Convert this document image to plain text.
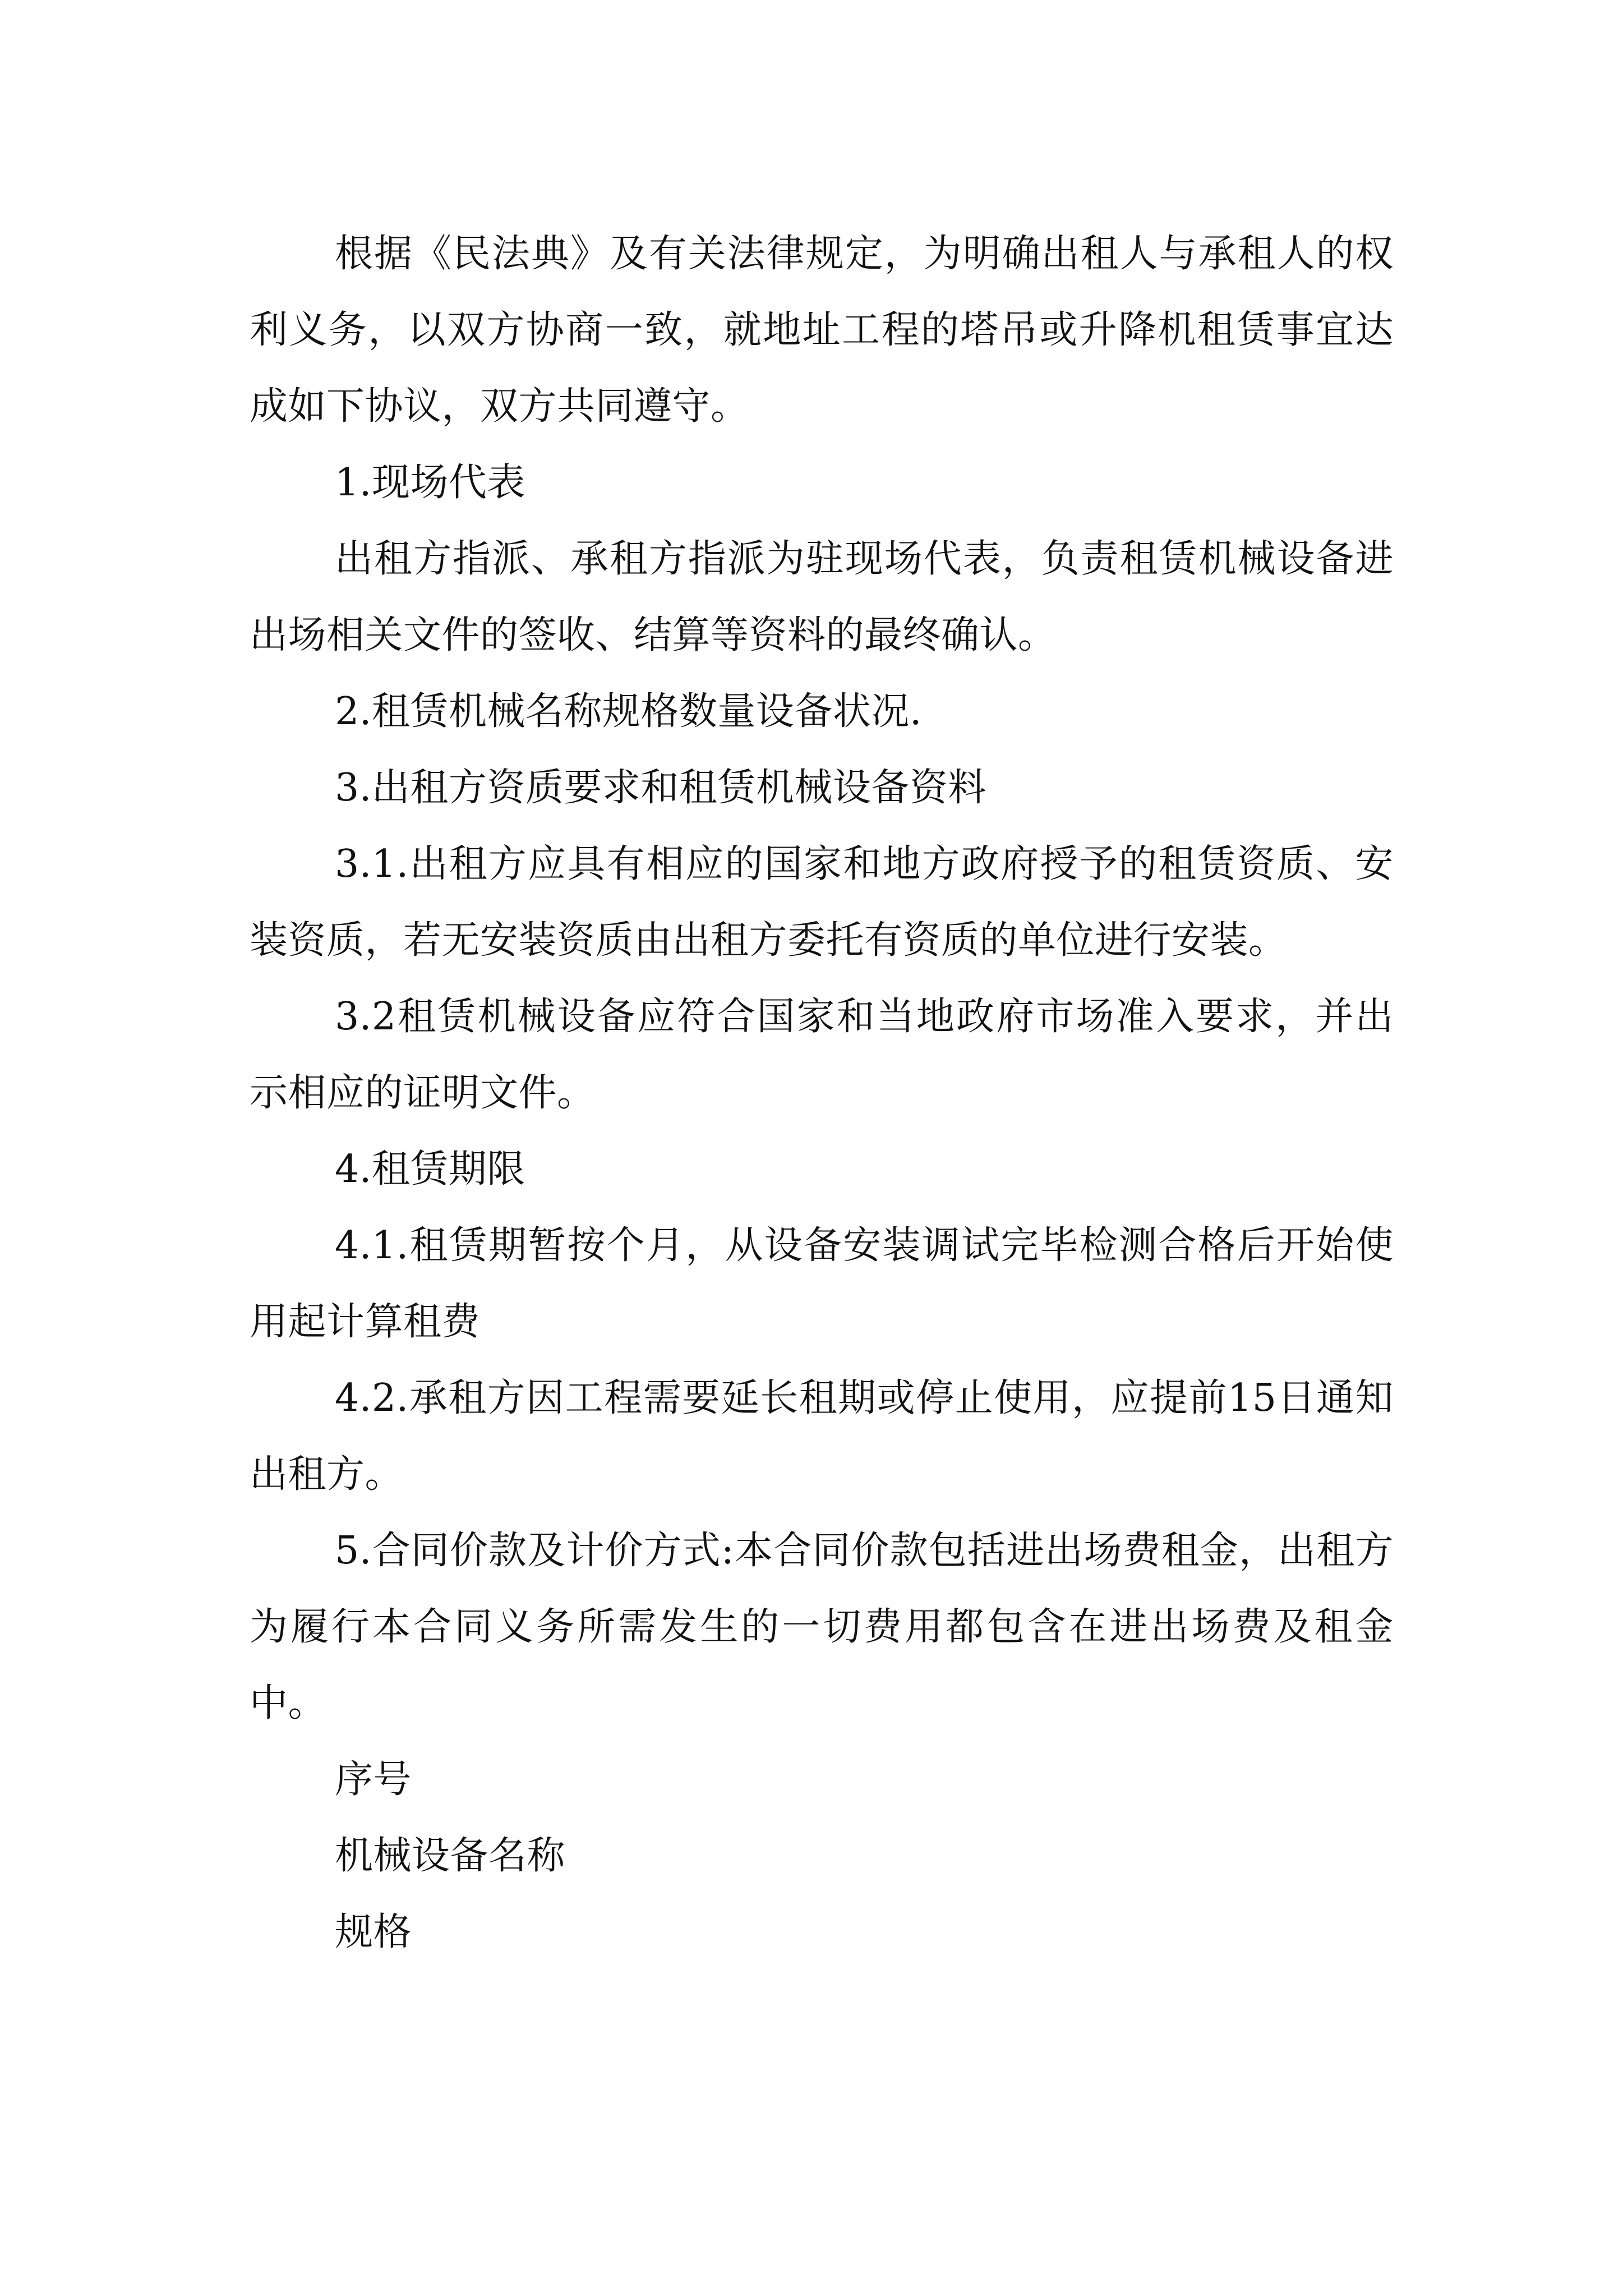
根据《民法典》及有关法律规定，为明确出租人与承租人的权利义务，以双方协商一致，就地址工程的塔吊或升降机租赁事宜达成如下协议，双方共同遵守。

1.现场代表

出租方指派、承租方指派为驻现场代表，负责租赁机械设备进出场相关文件的签收、结算等资料的最终确认。

2.租赁机械名称规格数量设备状况.

3.出租方资质要求和租赁机械设备资料

3.1.出租方应具有相应的国家和地方政府授予的租赁资质、安装资质，若无安装资质由出租方委托有资质的单位进行安装。

3.2租赁机械设备应符合国家和当地政府市场准入要求，并出示相应的证明文件。

4.租赁期限

4.1.租赁期暂按个月，从设备安装调试完毕检测合格后开始使用起计算租费

4.2.承租方因工程需要延长租期或停止使用，应提前15日通知出租方。

5.合同价款及计价方式:本合同价款包括进出场费租金，出租方为履行本合同义务所需发生的一切费用都包含在进出场费及租金中。

序号

机械设备名称

规格
